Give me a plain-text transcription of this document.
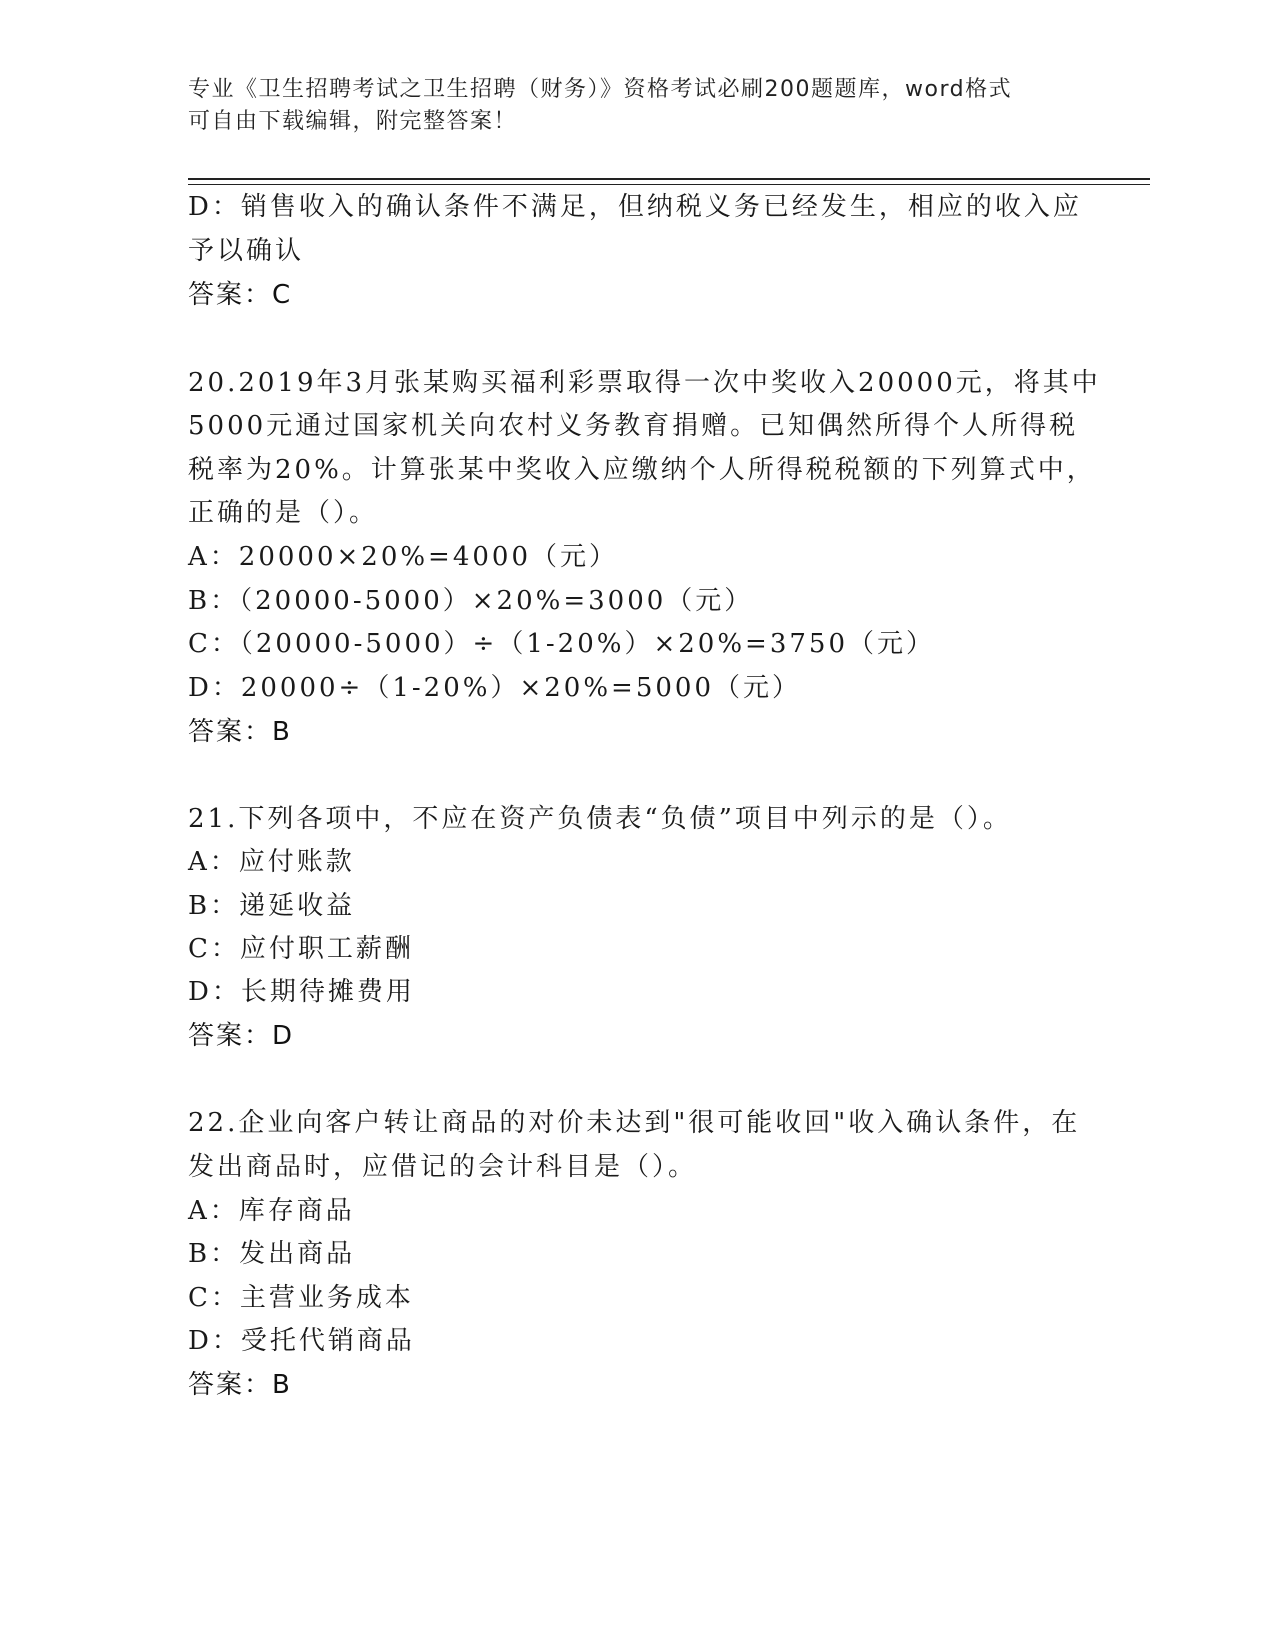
专业《卫生招聘考试之卫生招聘（财务）》资格考试必刷200题题库，word格式
可自由下载编辑，附完整答案！
D：销售收入的确认条件不满足，但纳税义务已经发生，相应的收入应
予以确认
答案：C
20.2019年3月张某购买福利彩票取得一次中奖收入20000元，将其中
5000元通过国家机关向农村义务教育捐赠。已知偶然所得个人所得税
税率为20%。计算张某中奖收入应缴纳个人所得税税额的下列算式中，
正确的是（）。
A：20000×20%=4000（元）
B：（20000-5000）×20%=3000（元）
C：（20000-5000）÷（1-20%）×20%=3750（元）
D：20000÷（1-20%）×20%=5000（元）
答案：B
21.下列各项中，不应在资产负债表“负债”项目中列示的是（）。
A：应付账款
B：递延收益
C：应付职工薪酬
D：长期待摊费用
答案：D
22.企业向客户转让商品的对价未达到"很可能收回"收入确认条件，在
发出商品时，应借记的会计科目是（）。
A：库存商品
B：发出商品
C：主营业务成本
D：受托代销商品
答案：B
